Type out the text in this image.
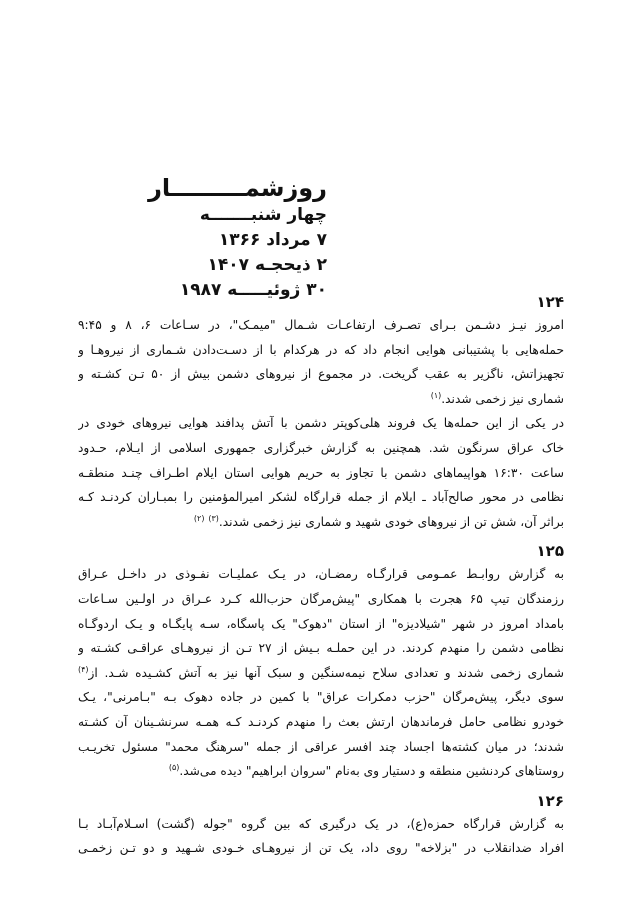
روزشمـــــــــار
چهار شنبـــــــه
۷ مرداد ۱۳۶۶
۲ ذیحجـه ۱۴۰۷
۳۰ ژوئیـــــه ۱۹۸۷
۱۲۴
امروز نیـز دشـمن بـرای تصـرف ارتفاعـات شـمال "میمـک"، در سـاعات ۶، ۸ و ۹:۴۵
حمله‌هایی با پشتیبانی هوایی انجام داد که در هرکدام با از دسـت‌دادن شـماری از نیروهـا و
تجهیزاتش، ناگزیر به عقب گریخت. در مجموع از نیروهای دشمن بیش از ۵۰ تـن کشـته و
شماری نیز زخمی شدند.$^{(۱)}$
در یکی از این حمله‌ها یک فروند هلی‌کوپتر دشمن با آتش پدافند هوایی نیروهای خودی در
خاک عراق سرنگون شد. همچنین به گزارش خبرگزاری جمهوری اسلامی از ایـلام، حـدود
ساعت ۱۶:۳۰ هواپیماهای دشمن با تجاوز به حریم هوایی استان ایلام اطـراف چنـد منطقـه
نظامی در محور صالح‌آباد ـ ایلام از جمله قرارگاه لشکر امیرالمؤمنین را بمبـاران کردنـد کـه
براثر آن، شش تن از نیروهای خودی شهید و شماری نیز زخمی شدند.$^{(۳)}$ $^{(۲)}$
۱۲۵
به گزارش روابـط عمـومی قرارگـاه رمضـان، در یـک عملیـات نفـوذی در داخـل عـراق
رزمندگان تیپ ۶۵ هجرت با همکاری "پیش‌مرگان حزب‌الله کـرد عـراق در اولـین سـاعات
بامداد امروز در شهر "شیلادیزه" از استان "دهوک" یک پاسگاه، سـه پایگـاه و یـک اردوگـاه
نظامی دشمن را منهدم کردند. در این حملـه بـیش از ۲۷ تـن از نیروهـای عراقـی کشـته و
شماری زخمی شدند و تعدادی سلاح نیمه‌سنگین و سبک آنها نیز به آتش کشـیده شـد. از$^{(۴)}$
سوی دیگر، پیش‌مرگان "حزب دمکرات عراق" با کمین در جاده دهوک بـه "بـامرنی"، یـک
خودرو نظامی حامل فرماندهان ارتش بعث را منهدم کردنـد کـه همـه سرنشـینان آن کشـته
شدند؛ در میان کشته‌ها اجساد چند افسر عراقی از جمله "سرهنگ محمد" مسئول تخریـب
روستاهای کردنشین منطقه و دستیار وی به‌نام "سروان ابراهیم" دیده می‌شد.$^{(۵)}$
۱۲۶
به گزارش قرارگاه حمزه(ع)، در یک درگیری که بین گروه "جوله (گشت) اسـلام‌آبـاد بـا
افراد ضدانقلاب در "بزلاخه" روی داد، یک تن از نیروهـای خـودی شـهید و دو تـن زخمـی
